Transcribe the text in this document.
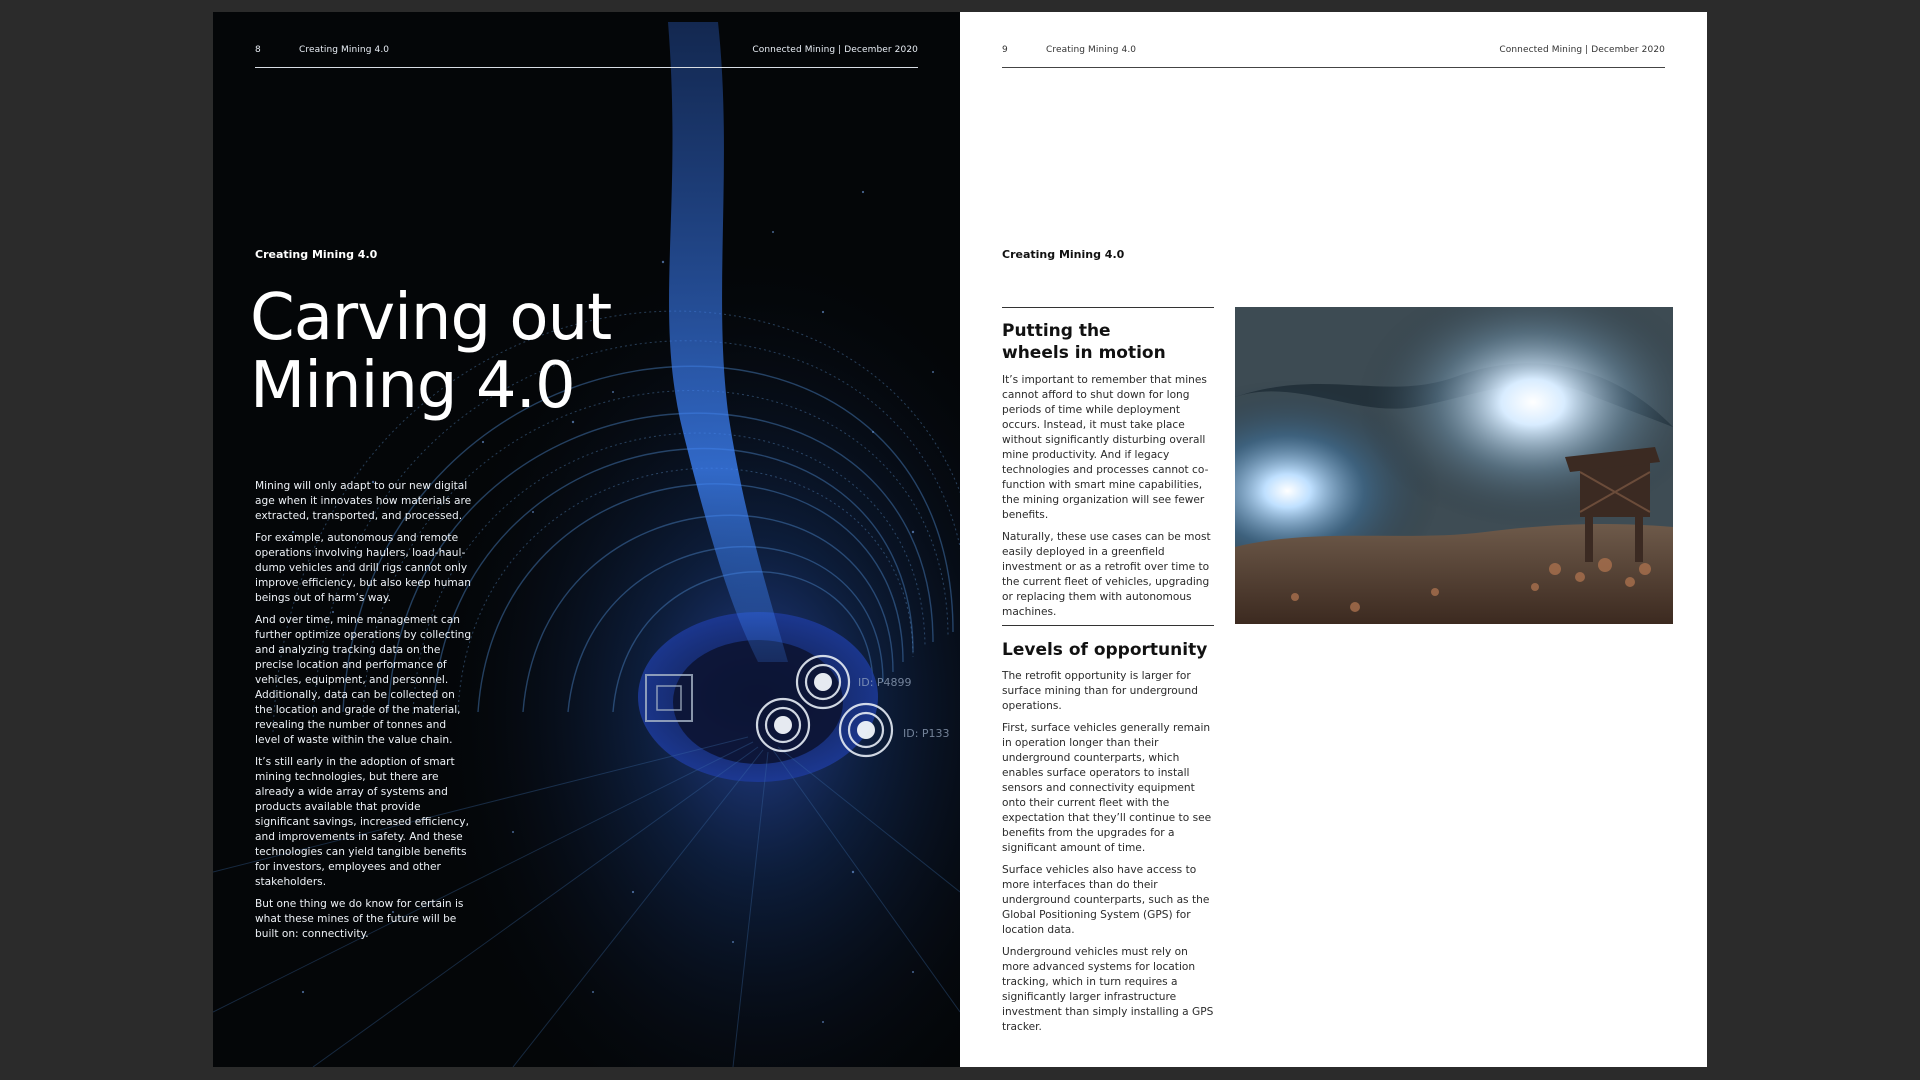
ID: P4899
ID: P133
8	Creating Mining 4.0	Connected Mining | December 2020
Creating Mining 4.0
Carving out
Mining 4.0

Mining will only adapt to our new digital age when it innovates how materials are extracted, transported, and processed.

For example, autonomous and remote operations involving haulers, load-haul-dump vehicles and drill rigs cannot only improve efficiency, but also keep human beings out of harm’s way.

And over time, mine management can further optimize operations by collecting and analyzing tracking data on the precise location and performance of vehicles, equipment, and personnel. Additionally, data can be collected on the location and grade of the material, revealing the number of tonnes and level of waste within the value chain.

It’s still early in the adoption of smart mining technologies, but there are already a wide array of systems and products available that provide significant savings, increased efficiency, and improvements in safety. And these technologies can yield tangible benefits for investors, employees and other stakeholders.

But one thing we do know for certain is what these mines of the future will be built on: connectivity.

9	Creating Mining 4.0	Connected Mining | December 2020
Creating Mining 4.0
Putting the
wheels in motion

It’s important to remember that mines cannot afford to shut down for long periods of time while deployment occurs. Instead, it must take place without significantly disturbing overall mine productivity. And if legacy technologies and processes cannot co-function with smart mine capabilities, the mining organization will see fewer benefits.

Naturally, these use cases can be most easily deployed in a greenfield investment or as a retrofit over time to the current fleet of vehicles, upgrading or replacing them with autonomous machines.

Levels of opportunity

The retrofit opportunity is larger for surface mining than for underground operations.

First, surface vehicles generally remain in operation longer than their underground counterparts, which enables surface operators to install sensors and connectivity equipment onto their current fleet with the expectation that they’ll continue to see benefits from the upgrades for a significant amount of time.

Surface vehicles also have access to more interfaces than do their underground counterparts, such as the Global Positioning System (GPS) for location data.

Underground vehicles must rely on more advanced systems for location tracking, which in turn requires a significantly larger infrastructure investment than simply installing a GPS tracker.
